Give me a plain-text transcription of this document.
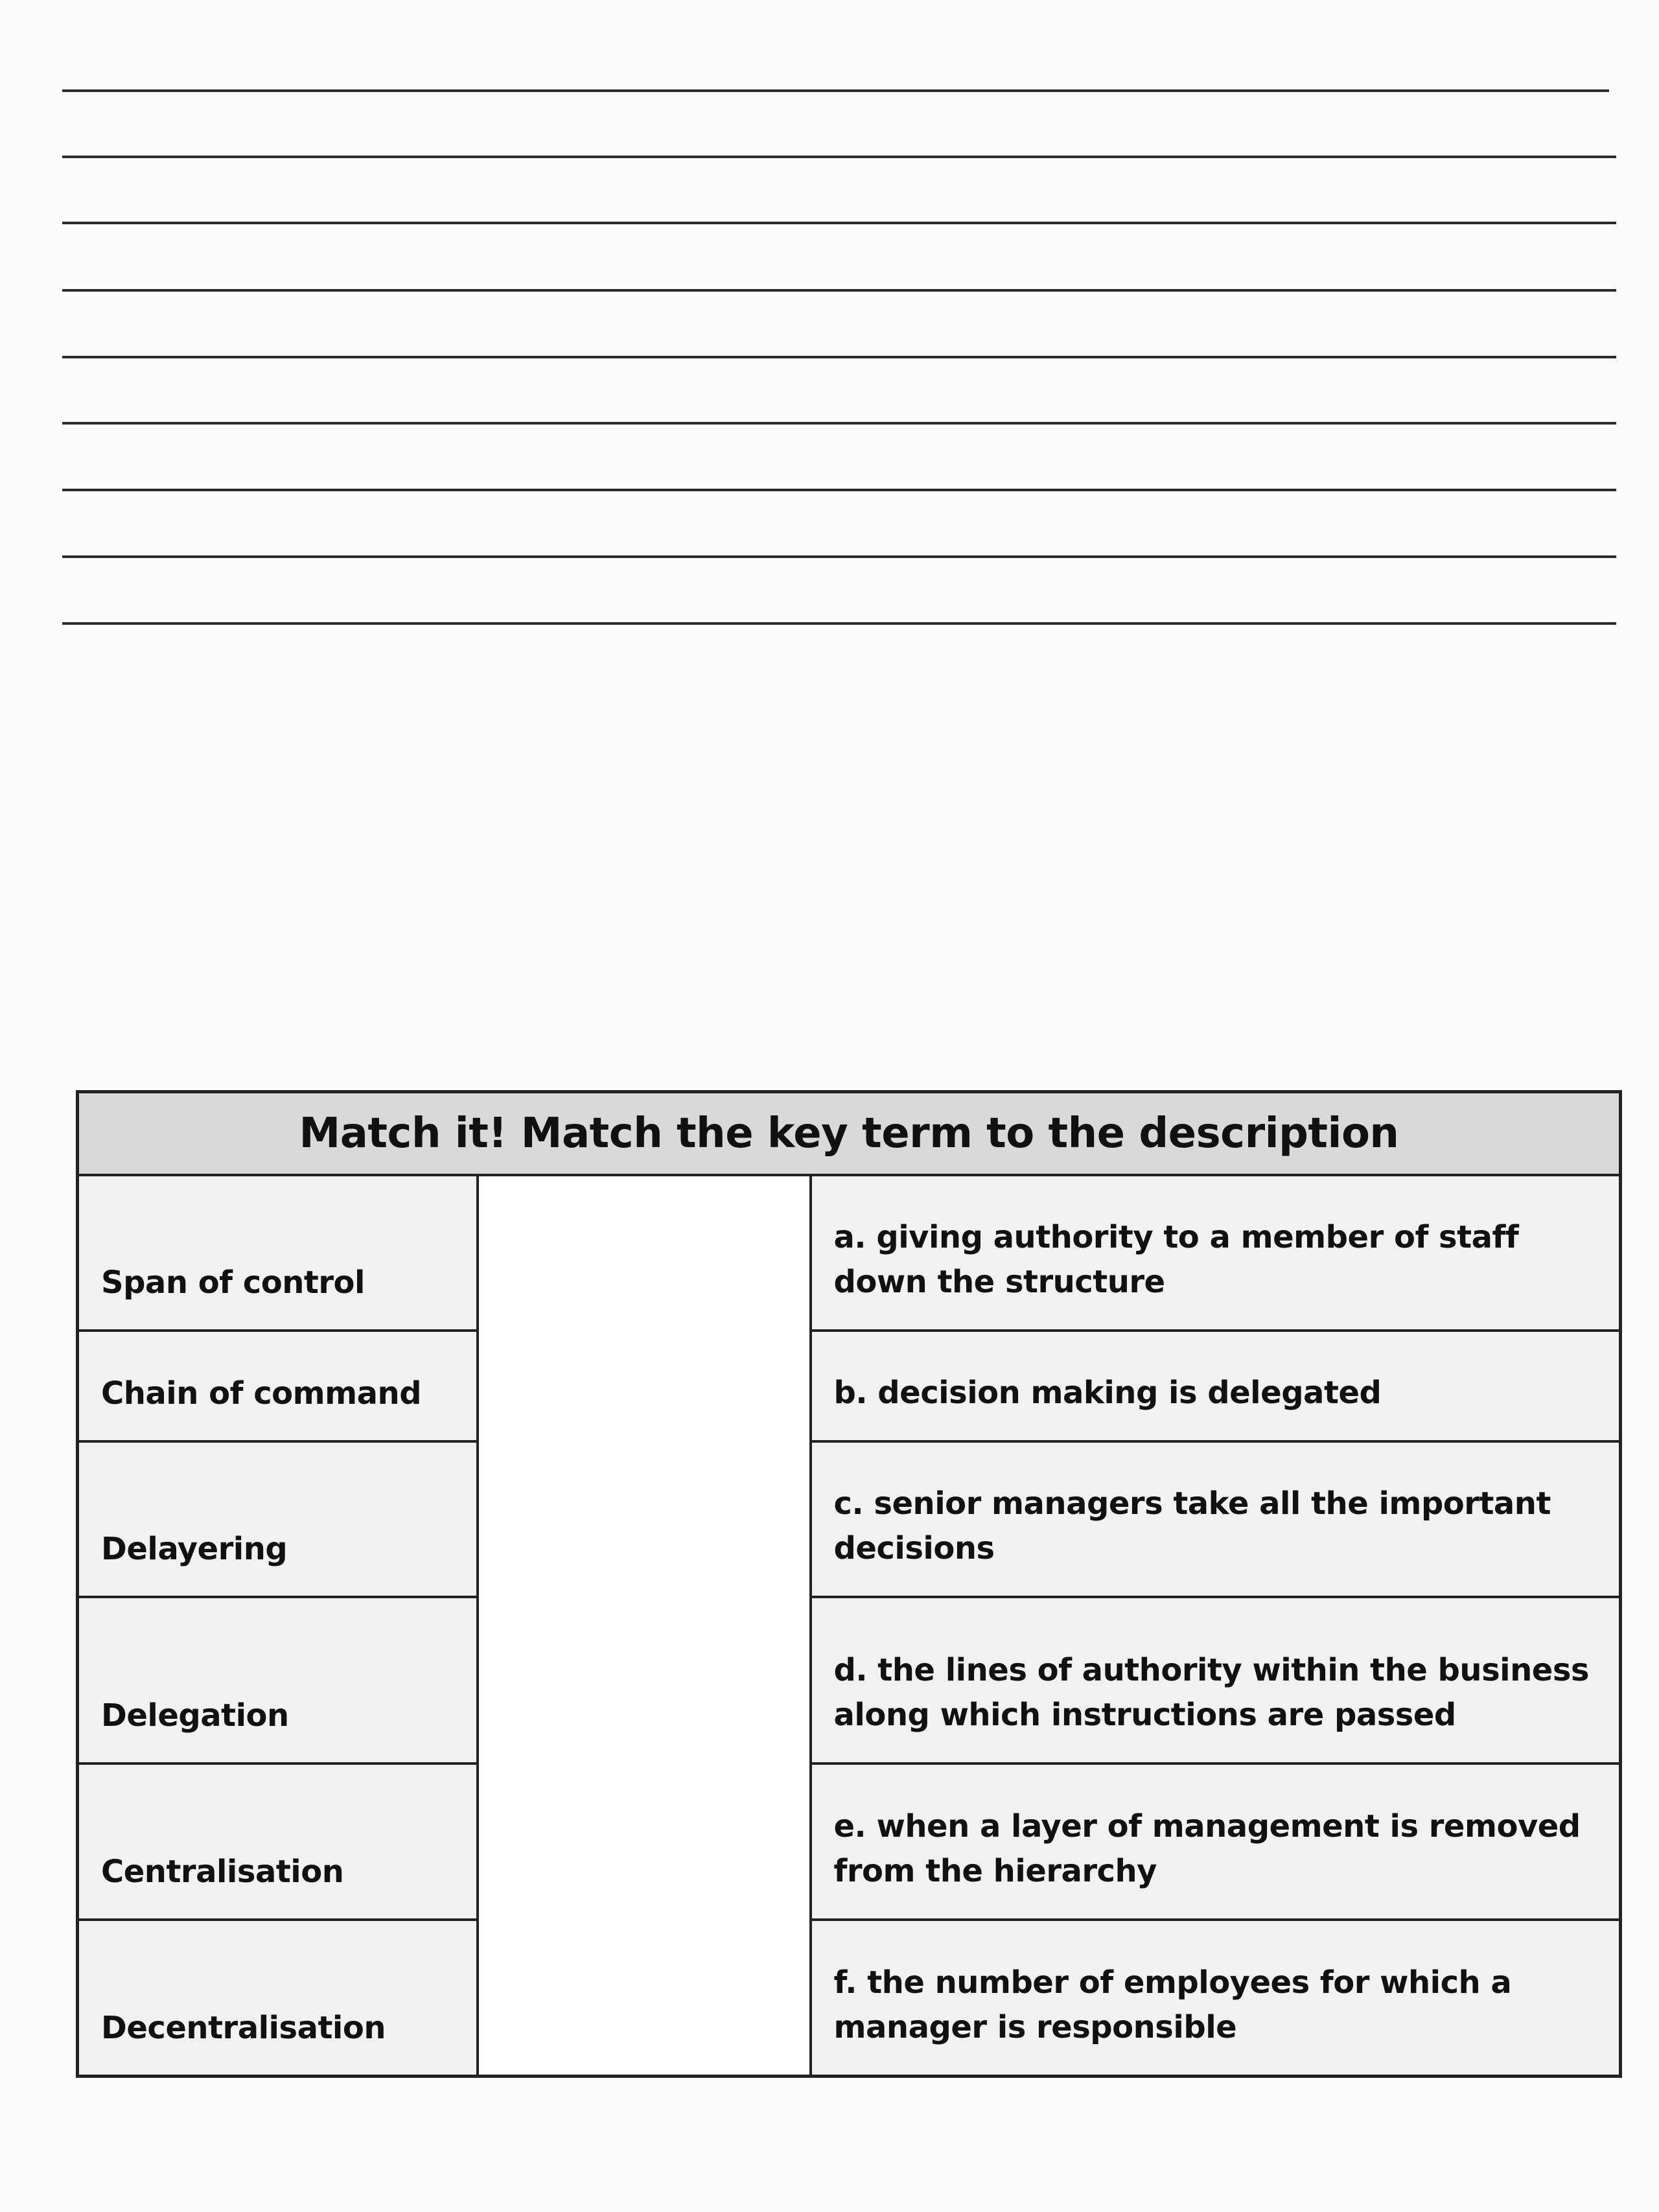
Match it! Match the key term to the description		
Span of control		a. giving authority to a member of staff down the structure
Chain of command		b. decision making is delegated
Delayering		c. senior managers take all the important decisions
Delegation		d. the lines of authority within the business along which instructions are passed
Centralisation		e. when a layer of management is removed from the hierarchy
Decentralisation		f. the number of employees for which a manager is responsible
